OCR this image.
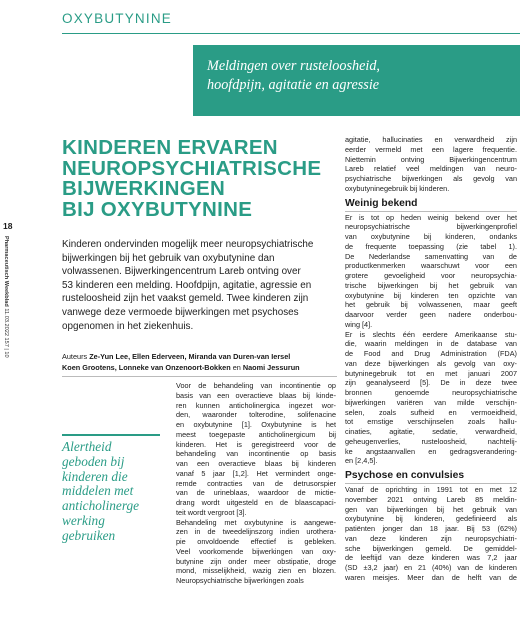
OXYBUTYNINE
Meldingen over rusteloosheid,
hoofdpijn, agitatie en agressie
KINDEREN ERVAREN
NEUROPSYCHIATRISCHE
BIJWERKINGEN
BIJ OXYBUTYNINE
18
Pharmaceutisch Weekblad 11.03.2022 157 | 10
Kinderen ondervinden mogelijk meer neuropsychiatrische
bijwerkingen bij het gebruik van oxybutynine dan
volwassenen. Bijwerkingencentrum Lareb ontving over
53 kinderen een melding. Hoofdpijn, agitatie, agressie en
rusteloosheid zijn het vaakst gemeld. Twee kinderen zijn
vanwege deze vermoede bijwerkingen met psychoses
opgenomen in het ziekenhuis.
Auteurs Ze-Yun Lee, Ellen Ederveen, Miranda van Duren-van Iersel
Koen Grootens, Lonneke van Onzenoort-Bokken en Naomi Jessurun
Alertheid
geboden bij
kinderen die
middelen met
anticholinerge
werking
gebruiken
Voor de behandeling van incontinentie op
basis van een overactieve blaas bij kinde-
ren kunnen anticholinergica ingezet wor-
den, waaronder tolterodine, solifenacine
en oxybutynine [1]. Oxybutynine is het
meest toegepaste anticholinergicum bij
kinderen. Het is geregistreerd voor de
behandeling van incontinentie op basis
van een overactieve blaas bij kinderen
vanaf 5 jaar [1,2]. Het vermindert onge-
remde contracties van de detrusorspier
van de urineblaas, waardoor de mictie-
drang wordt uitgesteld en de blaascapaci-
teit wordt vergroot [3].
Behandeling met oxybutynine is aangewe-
zen in de tweedelijnszorg indien urothera-
pie onvoldoende effectief is gebleken.
Veel voorkomende bijwerkingen van oxy-
butynine zijn onder meer obstipatie, droge
mond, misselijkheid, wazig zien en blozen.
Neuropsychiatrische bijwerkingen zoals
agitatie, hallucinaties en verwardheid zijn
eerder vermeld met een lagere frequentie.
Niettemin ontving Bijwerkingencentrum
Lareb relatief veel meldingen van neuro-
psychiatrische bijwerkingen als gevolg van
oxybutyninegebruik bij kinderen.
Weinig bekend
Er is tot op heden weinig bekend over het
neuropsychiatrische bijwerkingenprofiel
van oxybutynine bij kinderen, ondanks
de frequente toepassing (zie tabel 1).
De Nederlandse samenvatting van de
productkenmerken waarschuwt voor een
grotere gevoeligheid voor neuropsychia-
trische bijwerkingen bij het gebruik van
oxybutynine bij kinderen ten opzichte van
het gebruik bij volwassenen, maar geeft
daarvoor verder geen nadere onderbou-
wing [4].
Er is slechts één eerdere Amerikaanse stu-
die, waarin meldingen in de database van
de Food and Drug Administration (FDA)
van deze bijwerkingen als gevolg van oxy-
butyninegebruik tot en met januari 2007
zijn geanalyseerd [5]. De in deze twee
bronnen genoemde neuropsychiatrische
bijwerkingen variëren van milde verschijn-
selen, zoals sufheid en vermoeidheid,
tot ernstige verschijnselen zoals hallu-
cinaties, agitatie, sedatie, verwardheid,
geheugenverlies, rusteloosheid, nachtelij-
ke angstaanvallen en gedragsverandering-
en [2,4,5].
Psychose en convulsies
Vanaf de oprichting in 1991 tot en met 12
november 2021 ontving Lareb 85 meldin-
gen van bijwerkingen bij het gebruik van
oxybutynine bij kinderen, gedefinieerd als
patiënten jonger dan 18 jaar. Bij 53 (62%)
van deze kinderen zijn neuropsychiatri-
sche bijwerkingen gemeld. De gemiddel-
de leeftijd van deze kinderen was 7,2 jaar
(SD ±3,2 jaar) en 21 (40%) van de kinderen
waren meisjes. Meer dan de helft van de
